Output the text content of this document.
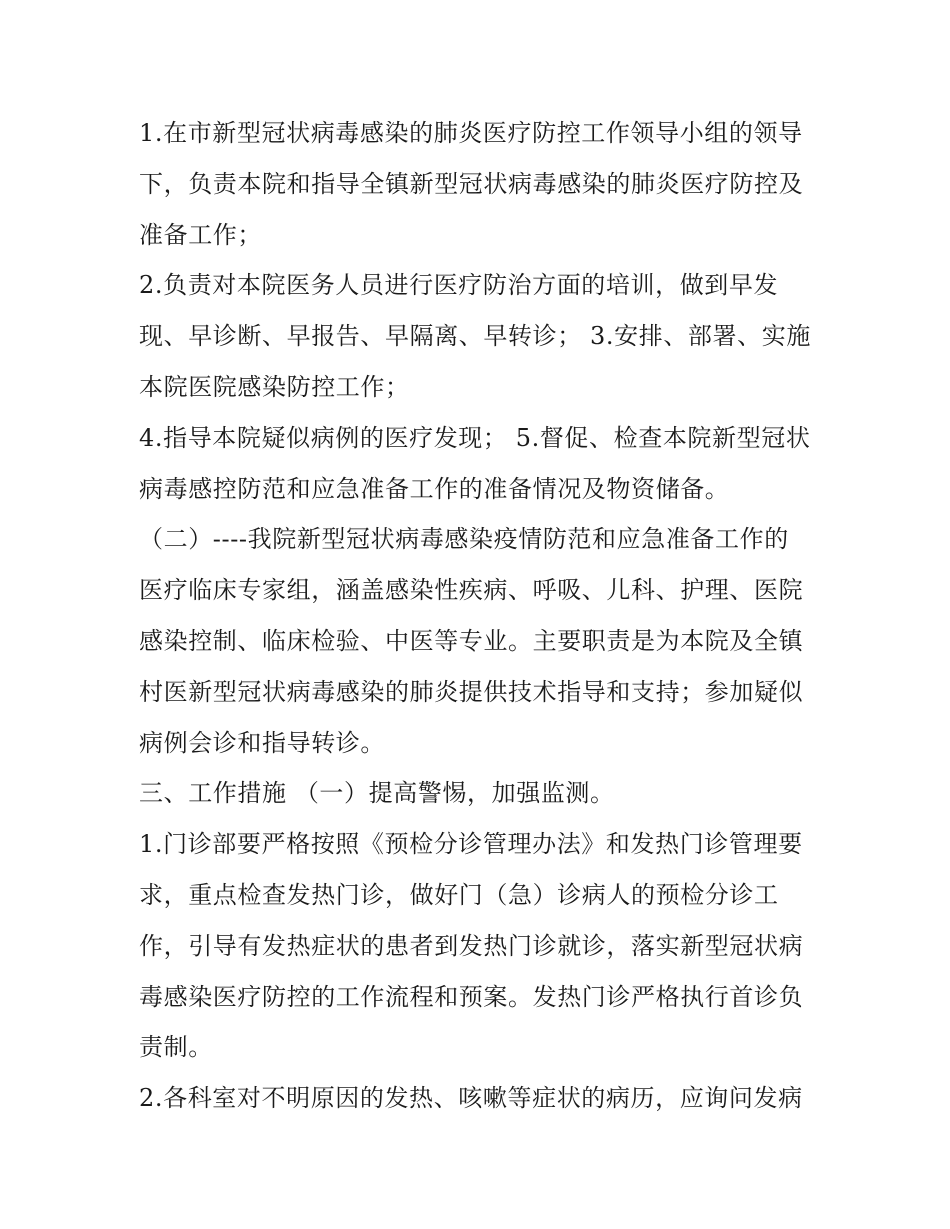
1.在市新型冠状病毒感染的肺炎医疗防控工作领导小组的领导
下，负责本院和指导全镇新型冠状病毒感染的肺炎医疗防控及
准备工作；
2.负责对本院医务人员进行医疗防治方面的培训，做到早发
现、早诊断、早报告、早隔离、早转诊； 3.安排、部署、实施
本院医院感染防控工作；
4.指导本院疑似病例的医疗发现； 5.督促、检查本院新型冠状
病毒感控防范和应急准备工作的准备情况及物资储备。
（二）----我院新型冠状病毒感染疫情防范和应急准备工作的
医疗临床专家组，涵盖感染性疾病、呼吸、儿科、护理、医院
感染控制、临床检验、中医等专业。主要职责是为本院及全镇
村医新型冠状病毒感染的肺炎提供技术指导和支持；参加疑似
病例会诊和指导转诊。
三、工作措施 （一）提高警惕，加强监测。
1.门诊部要严格按照《预检分诊管理办法》和发热门诊管理要
求，重点检查发热门诊，做好门（急）诊病人的预检分诊工
作，引导有发热症状的患者到发热门诊就诊，落实新型冠状病
毒感染医疗防控的工作流程和预案。发热门诊严格执行首诊负
责制。
2.各科室对不明原因的发热、咳嗽等症状的病历，应询问发病
